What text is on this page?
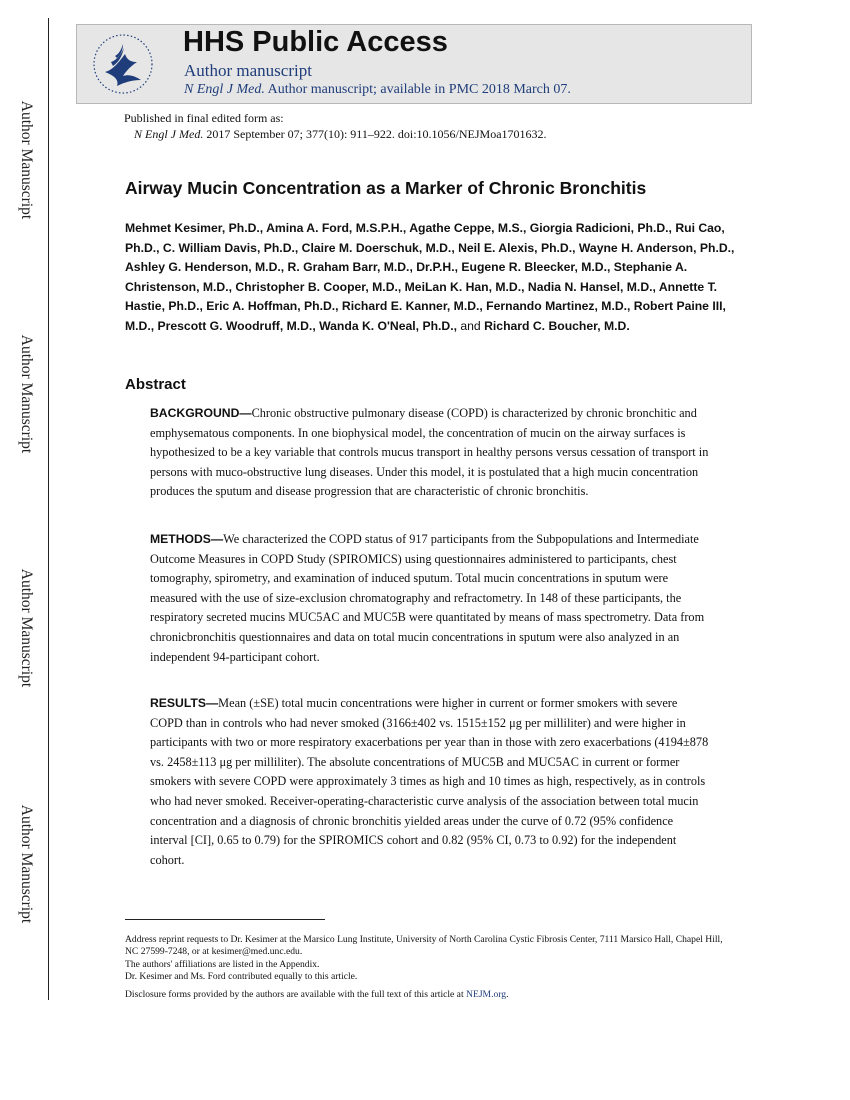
Author Manuscript
Author Manuscript
Author Manuscript
Author Manuscript
HHS Public Access
Author manuscript
N Engl J Med. Author manuscript; available in PMC 2018 March 07.
Published in final edited form as:
N Engl J Med. 2017 September 07; 377(10): 911–922. doi:10.1056/NEJMoa1701632.
Airway Mucin Concentration as a Marker of Chronic Bronchitis
Mehmet Kesimer, Ph.D., Amina A. Ford, M.S.P.H., Agathe Ceppe, M.S., Giorgia Radicioni, Ph.D., Rui Cao, Ph.D., C. William Davis, Ph.D., Claire M. Doerschuk, M.D., Neil E. Alexis, Ph.D., Wayne H. Anderson, Ph.D., Ashley G. Henderson, M.D., R. Graham Barr, M.D., Dr.P.H., Eugene R. Bleecker, M.D., Stephanie A. Christenson, M.D., Christopher B. Cooper, M.D., MeiLan K. Han, M.D., Nadia N. Hansel, M.D., Annette T. Hastie, Ph.D., Eric A. Hoffman, Ph.D., Richard E. Kanner, M.D., Fernando Martinez, M.D., Robert Paine III, M.D., Prescott G. Woodruff, M.D., Wanda K. O'Neal, Ph.D., and Richard C. Boucher, M.D.
Abstract
BACKGROUND—Chronic obstructive pulmonary disease (COPD) is characterized by chronic bronchitic and emphysematous components. In one biophysical model, the concentration of mucin on the airway surfaces is hypothesized to be a key variable that controls mucus transport in healthy persons versus cessation of transport in persons with muco-obstructive lung diseases. Under this model, it is postulated that a high mucin concentration produces the sputum and disease progression that are characteristic of chronic bronchitis.
METHODS—We characterized the COPD status of 917 participants from the Subpopulations and Intermediate Outcome Measures in COPD Study (SPIROMICS) using questionnaires administered to participants, chest tomography, spirometry, and examination of induced sputum. Total mucin concentrations in sputum were measured with the use of size-exclusion chromatography and refractometry. In 148 of these participants, the respiratory secreted mucins MUC5AC and MUC5B were quantitated by means of mass spectrometry. Data from chronicbronchitis questionnaires and data on total mucin concentrations in sputum were also analyzed in an independent 94-participant cohort.
RESULTS—Mean (±SE) total mucin concentrations were higher in current or former smokers with severe COPD than in controls who had never smoked (3166±402 vs. 1515±152 μg per milliliter) and were higher in participants with two or more respiratory exacerbations per year than in those with zero exacerbations (4194±878 vs. 2458±113 μg per milliliter). The absolute concentrations of MUC5B and MUC5AC in current or former smokers with severe COPD were approximately 3 times as high and 10 times as high, respectively, as in controls who had never smoked. Receiver-operating-characteristic curve analysis of the association between total mucin concentration and a diagnosis of chronic bronchitis yielded areas under the curve of 0.72 (95% confidence interval [CI], 0.65 to 0.79) for the SPIROMICS cohort and 0.82 (95% CI, 0.73 to 0.92) for the independent cohort.
Address reprint requests to Dr. Kesimer at the Marsico Lung Institute, University of North Carolina Cystic Fibrosis Center, 7111 Marsico Hall, Chapel Hill, NC 27599-7248, or at kesimer@med.unc.edu.
The authors' affiliations are listed in the Appendix.
Dr. Kesimer and Ms. Ford contributed equally to this article.
Disclosure forms provided by the authors are available with the full text of this article at NEJM.org.
